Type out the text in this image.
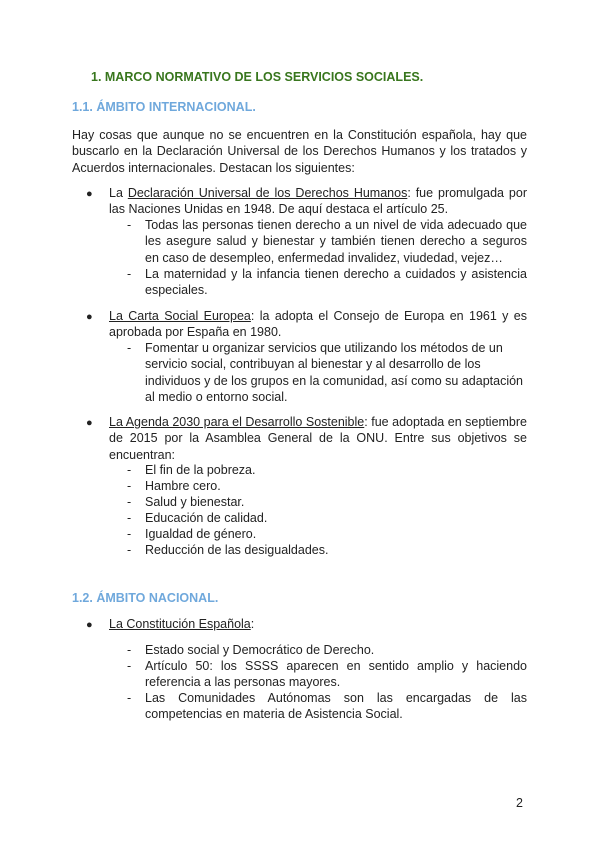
1. MARCO NORMATIVO DE LOS SERVICIOS SOCIALES.
1.1. ÁMBITO INTERNACIONAL.
Hay cosas que aunque no se encuentren en la Constitución española, hay que buscarlo en la Declaración Universal de los Derechos Humanos y los tratados y Acuerdos internacionales. Destacan los siguientes:
● La Declaración Universal de los Derechos Humanos: fue promulgada por las Naciones Unidas en 1948. De aquí destaca el artículo 25.
- Todas las personas tienen derecho a un nivel de vida adecuado que les asegure salud y bienestar y también tienen derecho a seguros en caso de desempleo, enfermedad invalidez, viudedad, vejez…
- La maternidad y la infancia tienen derecho a cuidados y asistencia especiales.
● La Carta Social Europea: la adopta el Consejo de Europa en 1961 y es aprobada por España en 1980.
- Fomentar u organizar servicios que utilizando los métodos de un servicio social, contribuyan al bienestar y al desarrollo de los individuos y de los grupos en la comunidad, así como su adaptación al medio o entorno social.
● La Agenda 2030 para el Desarrollo Sostenible: fue adoptada en septiembre de 2015 por la Asamblea General de la ONU. Entre sus objetivos se encuentran:
- El fin de la pobreza.
- Hambre cero.
- Salud y bienestar.
- Educación de calidad.
- Igualdad de género.
- Reducción de las desigualdades.
1.2. ÁMBITO NACIONAL.
● La Constitución Española:
- Estado social y Democrático de Derecho.
- Artículo 50: los SSSS aparecen en sentido amplio y haciendo referencia a las personas mayores.
- Las Comunidades Autónomas son las encargadas de las competencias en materia de Asistencia Social.
2
